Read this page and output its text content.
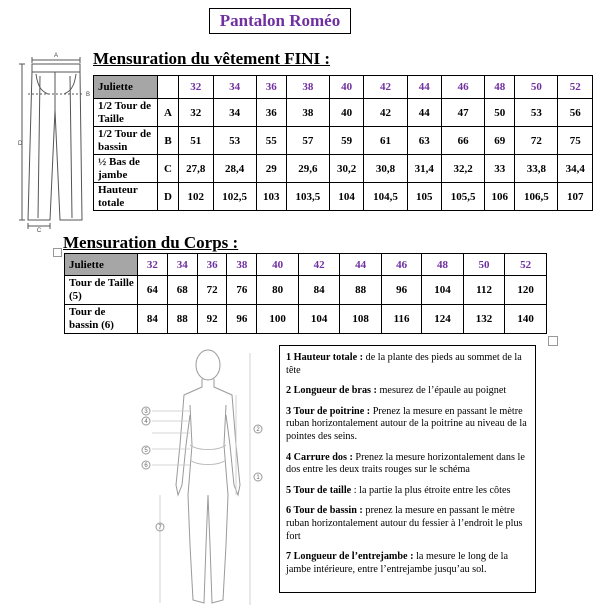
Pantalon Roméo
A
B
D
C
Mensuration du vêtement FINI :
Juliette		32	34	36	38	40	42	44	46	48	50	52
1/2 Tour de Taille	A	32	34	36	38	40	42	44	47	50	53	56
1/2 Tour de bassin	B	51	53	55	57	59	61	63	66	69	72	75
½ Bas de jambe	C	27,8	28,4	29	29,6	30,2	30,8	31,4	32,2	33	33,8	34,4
Hauteur totale	D	102	102,5	103	103,5	104	104,5	105	105,5	106	106,5	107
Mensuration du Corps :
Juliette	32	34	36	38	40	42	44	46	48	50	52
Tour de Taille (5)	64	68	72	76	80	84	88	96	104	112	120
Tour de bassin (6)	84	88	92	96	100	104	108	116	124	132	140
3
4
5
6
2
1
7

1 Hauteur totale : de la plante des pieds au sommet de la tête

2 Longueur de bras : mesurez de l’épaule au poignet

3 Tour de poitrine : Prenez la mesure en passant le mètre ruban horizontalement autour de la poitrine au niveau de la pointes des seins.

4 Carrure dos : Prenez la mesure horizontalement dans le dos entre les deux traits rouges sur le schéma

5 Tour de taille : la partie la plus étroite entre les côtes

6 Tour de bassin : prenez la mesure en passant le mètre ruban horizontalement autour du fessier à l’endroit le plus fort

7 Longueur de l’entrejambe : la mesure le long de la jambe intérieure, entre l’entrejambe jusqu’au sol.
